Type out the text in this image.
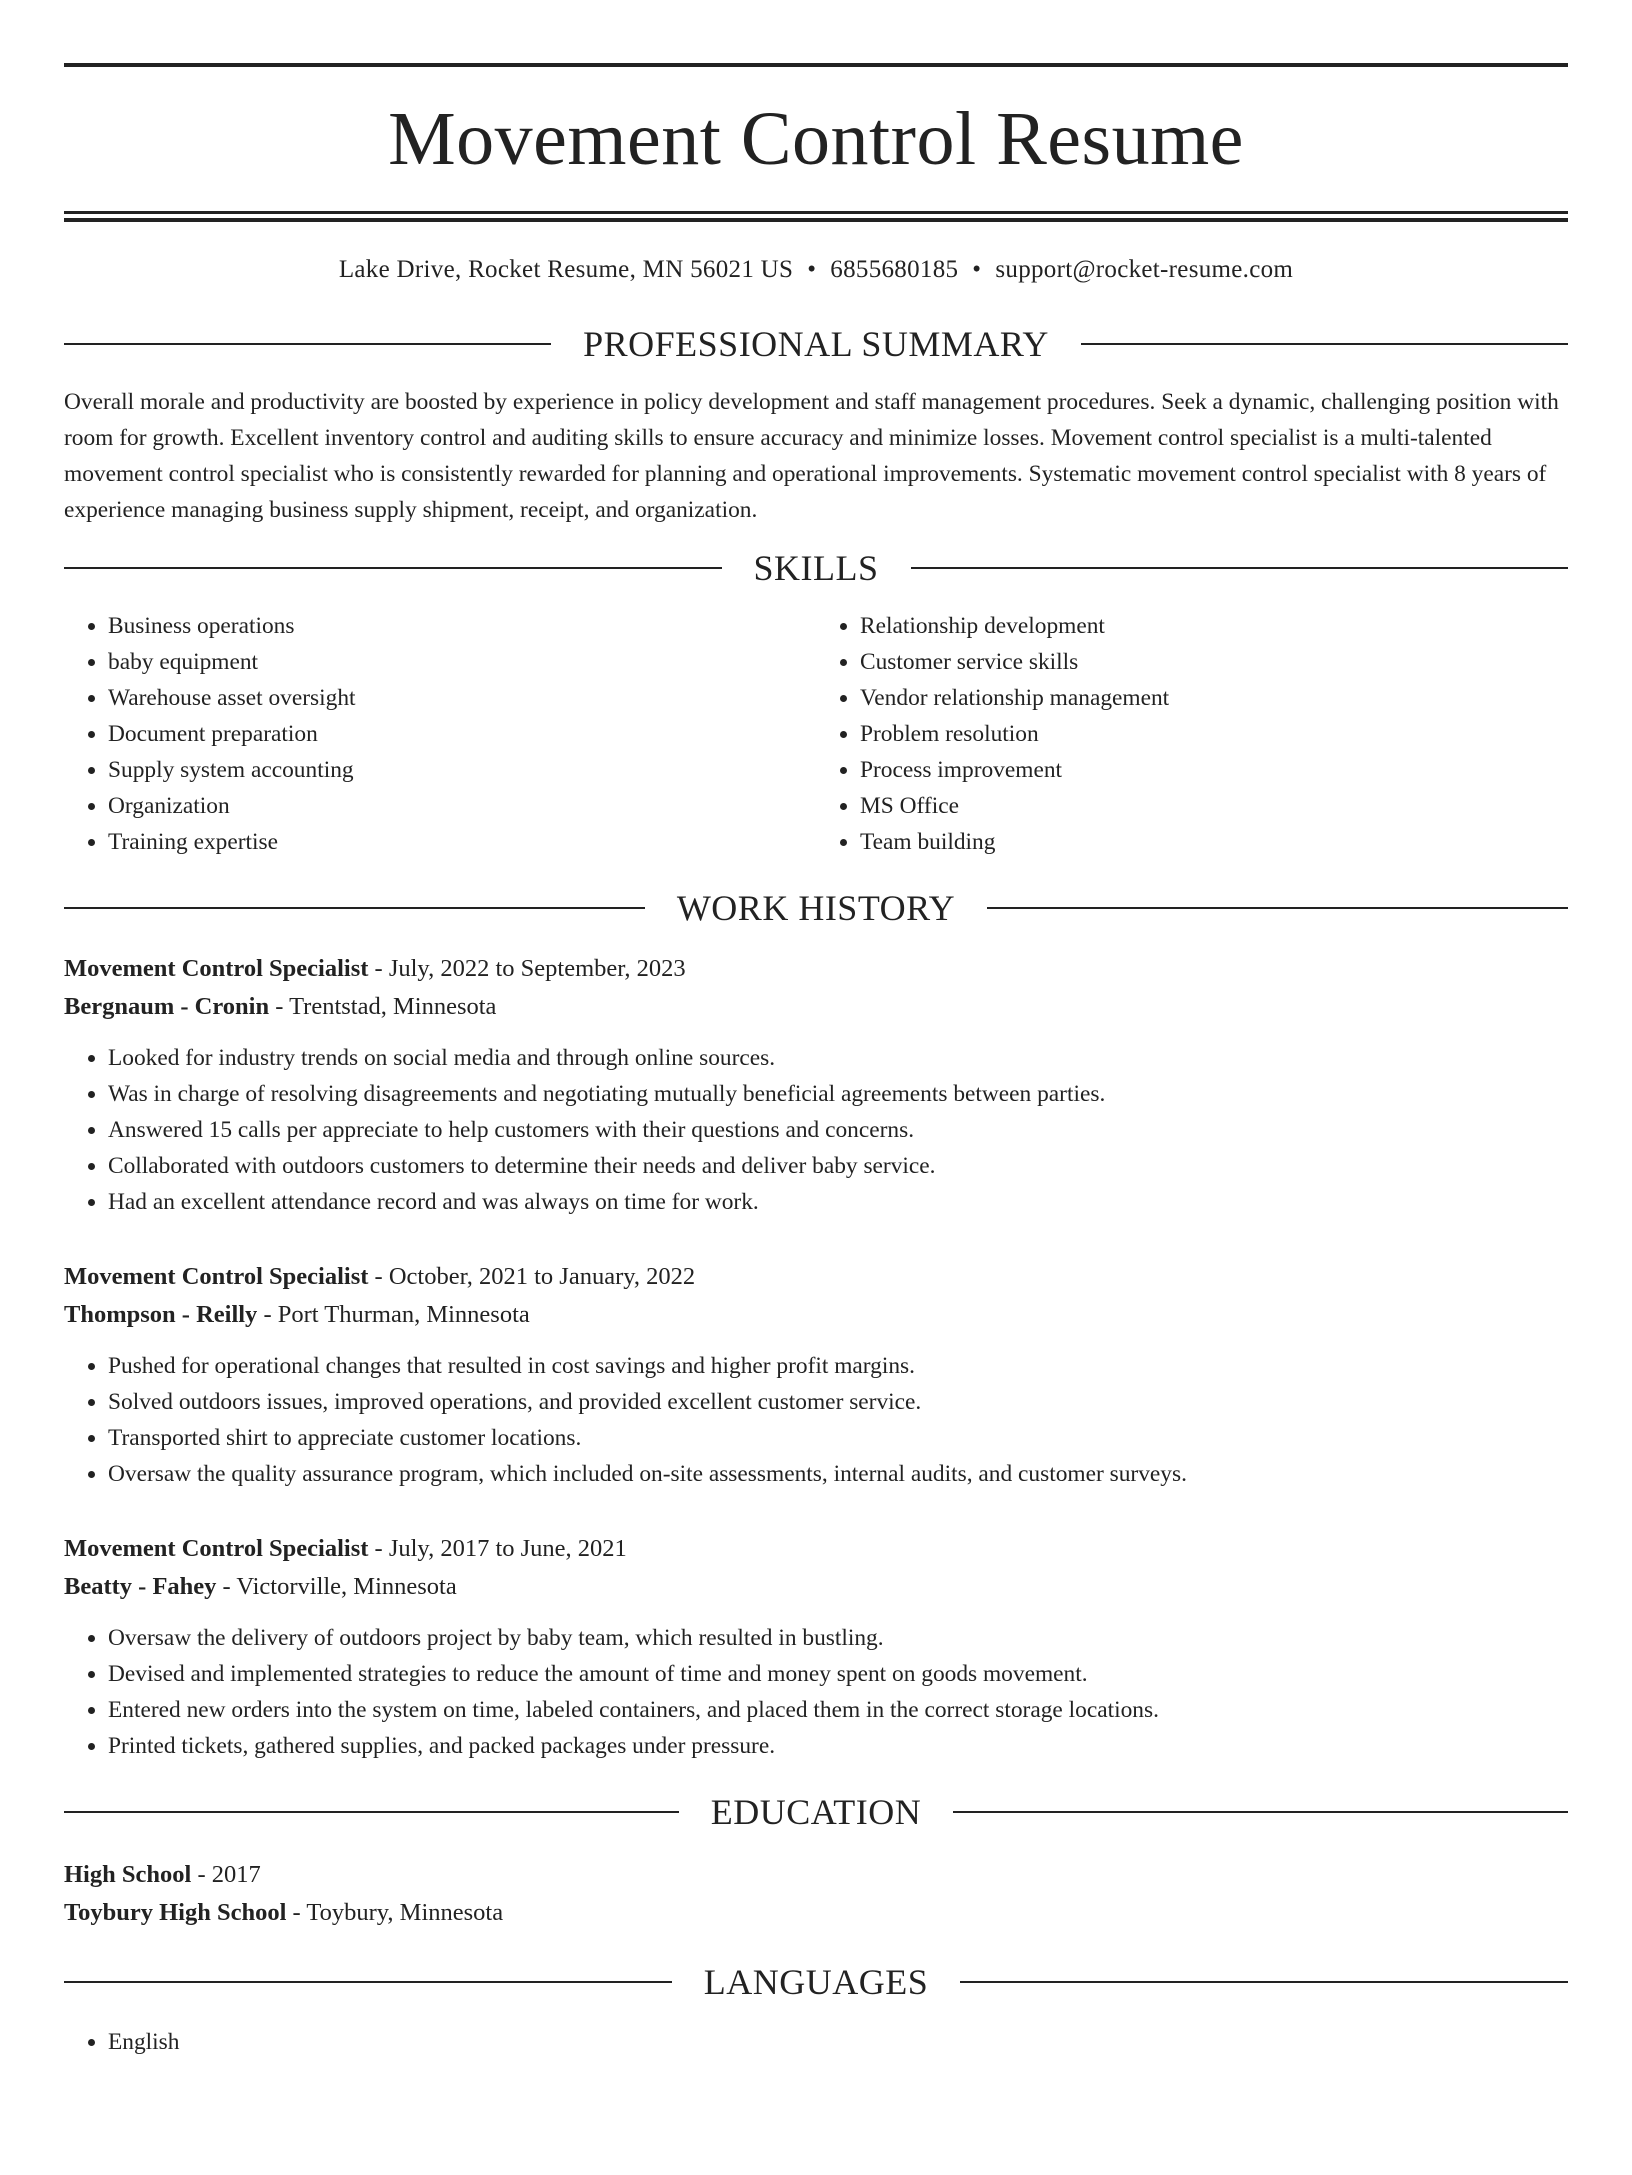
Movement Control Resume
Lake Drive, Rocket Resume, MN 56021 US • 6855680185 • support@rocket-resume.com
PROFESSIONAL SUMMARY

Overall morale and productivity are boosted by experience in policy development and staff management procedures. Seek a dynamic, challenging position with room for growth. Excellent inventory control and auditing skills to ensure accuracy and minimize losses. Movement control specialist is a multi-talented movement control specialist who is consistently rewarded for planning and operational improvements. Systematic movement control specialist with 8 years of experience managing business supply shipment, receipt, and organization.

SKILLS
• Business operations
• baby equipment
• Warehouse asset oversight
• Document preparation
• Supply system accounting
• Organization
• Training expertise
• Relationship development
• Customer service skills
• Vendor relationship management
• Problem resolution
• Process improvement
• MS Office
• Team building
WORK HISTORY
Movement Control Specialist - July, 2022 to September, 2023
Bergnaum - Cronin - Trentstad, Minnesota
• Looked for industry trends on social media and through online sources.
• Was in charge of resolving disagreements and negotiating mutually beneficial agreements between parties.
• Answered 15 calls per appreciate to help customers with their questions and concerns.
• Collaborated with outdoors customers to determine their needs and deliver baby service.
• Had an excellent attendance record and was always on time for work.
Movement Control Specialist - October, 2021 to January, 2022
Thompson - Reilly - Port Thurman, Minnesota
• Pushed for operational changes that resulted in cost savings and higher profit margins.
• Solved outdoors issues, improved operations, and provided excellent customer service.
• Transported shirt to appreciate customer locations.
• Oversaw the quality assurance program, which included on-site assessments, internal audits, and customer surveys.
Movement Control Specialist - July, 2017 to June, 2021
Beatty - Fahey - Victorville, Minnesota
• Oversaw the delivery of outdoors project by baby team, which resulted in bustling.
• Devised and implemented strategies to reduce the amount of time and money spent on goods movement.
• Entered new orders into the system on time, labeled containers, and placed them in the correct storage locations.
• Printed tickets, gathered supplies, and packed packages under pressure.
EDUCATION
High School - 2017
Toybury High School - Toybury, Minnesota
LANGUAGES
• English
